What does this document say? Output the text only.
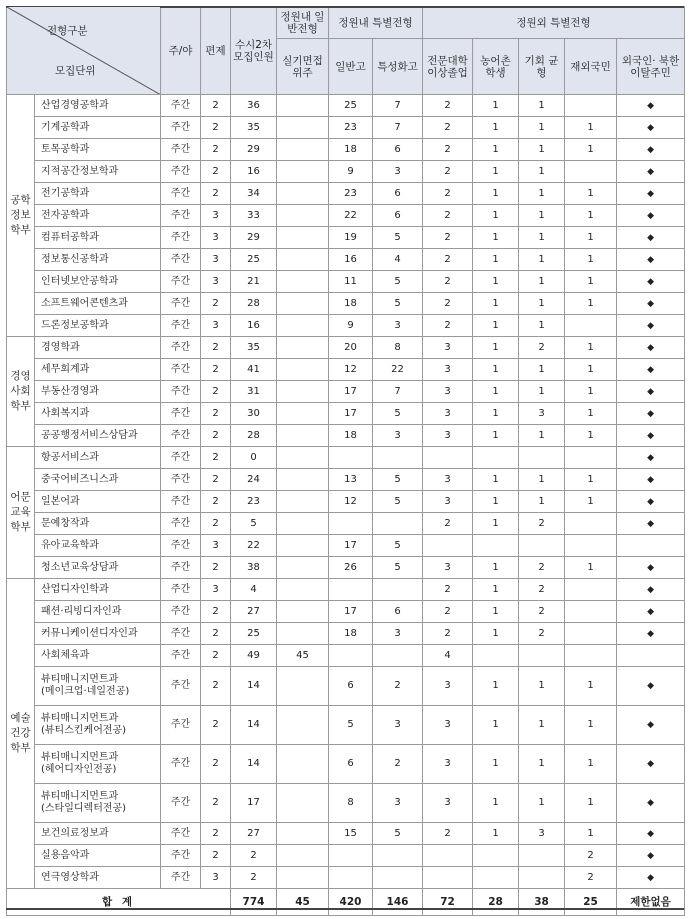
전형구분
모집단위		주/야	편제	수시2차 모집인원	정원내 일반전형	정원내 특별전형		정원외 특별전형				
					실기면접 위주	일반고	특성화고	전문대학 이상졸업	농어촌 학생	기회 균형	재외국민	외국인· 북한이탈주민
공학 정보 학부	산업경영공학과	주간	2	36		25	7	2	1	1		◆
	기계공학과	주간	2	35		23	7	2	1	1	1	◆
	토목공학과	주간	2	29		18	6	2	1	1	1	◆
	지적공간정보학과	주간	2	16		9	3	2	1	1		◆
	전기공학과	주간	2	34		23	6	2	1	1	1	◆
	전자공학과	주간	3	33		22	6	2	1	1	1	◆
	컴퓨터공학과	주간	3	29		19	5	2	1	1	1	◆
	정보통신공학과	주간	3	25		16	4	2	1	1	1	◆
	인터넷보안공학과	주간	3	21		11	5	2	1	1	1	◆
	소프트웨어콘텐츠과	주간	2	28		18	5	2	1	1	1	◆
	드론정보공학과	주간	3	16		9	3	2	1	1		◆
경영 사회 학부	경영학과	주간	2	35		20	8	3	1	2	1	◆
	세무회계과	주간	2	41		12	22	3	1	1	1	◆
	부동산경영과	주간	2	31		17	7	3	1	1	1	◆
	사회복지과	주간	2	30		17	5	3	1	3	1	◆
	공공행정서비스상담과	주간	2	28		18	3	3	1	1	1	◆
어문 교육 학부	항공서비스과	주간	2	0								◆
	중국어비즈니스과	주간	2	24		13	5	3	1	1	1	◆
	일본어과	주간	2	23		12	5	3	1	1	1	◆
	문예창작과	주간	2	5				2	1	2		◆
	유아교육학과	주간	3	22		17	5					
	청소년교육상담과	주간	2	38		26	5	3	1	2	1	◆
예술 건강 학부	산업디자인학과	주간	3	4				2	1	2		◆
	패션·리빙디자인과	주간	2	27		17	6	2	1	2		◆
	커뮤니케이션디자인과	주간	2	25		18	3	2	1	2		◆
	사회체육과	주간	2	49	45			4				
	뷰티매니지먼트과
(메이크업·네일전공)	주간	2	14		6	2	3	1	1	1	◆
	뷰티매니지먼트과
(뷰티스킨케어전공)	주간	2	14		5	3	3	1	1	1	◆
	뷰티매니지먼트과
(헤어디자인전공)	주간	2	14		6	2	3	1	1	1	◆
	뷰티매니지먼트과
(스타일디렉터전공)	주간	2	17		8	3	3	1	1	1	◆
	보건의료정보과	주간	2	27		15	5	2	1	3	1	◆
	실용음악과	주간	2	2							2	◆
	연극영상학과	주간	3	2							2	◆
합 계				774	45	420	146	72	28	38	25	제한없음
